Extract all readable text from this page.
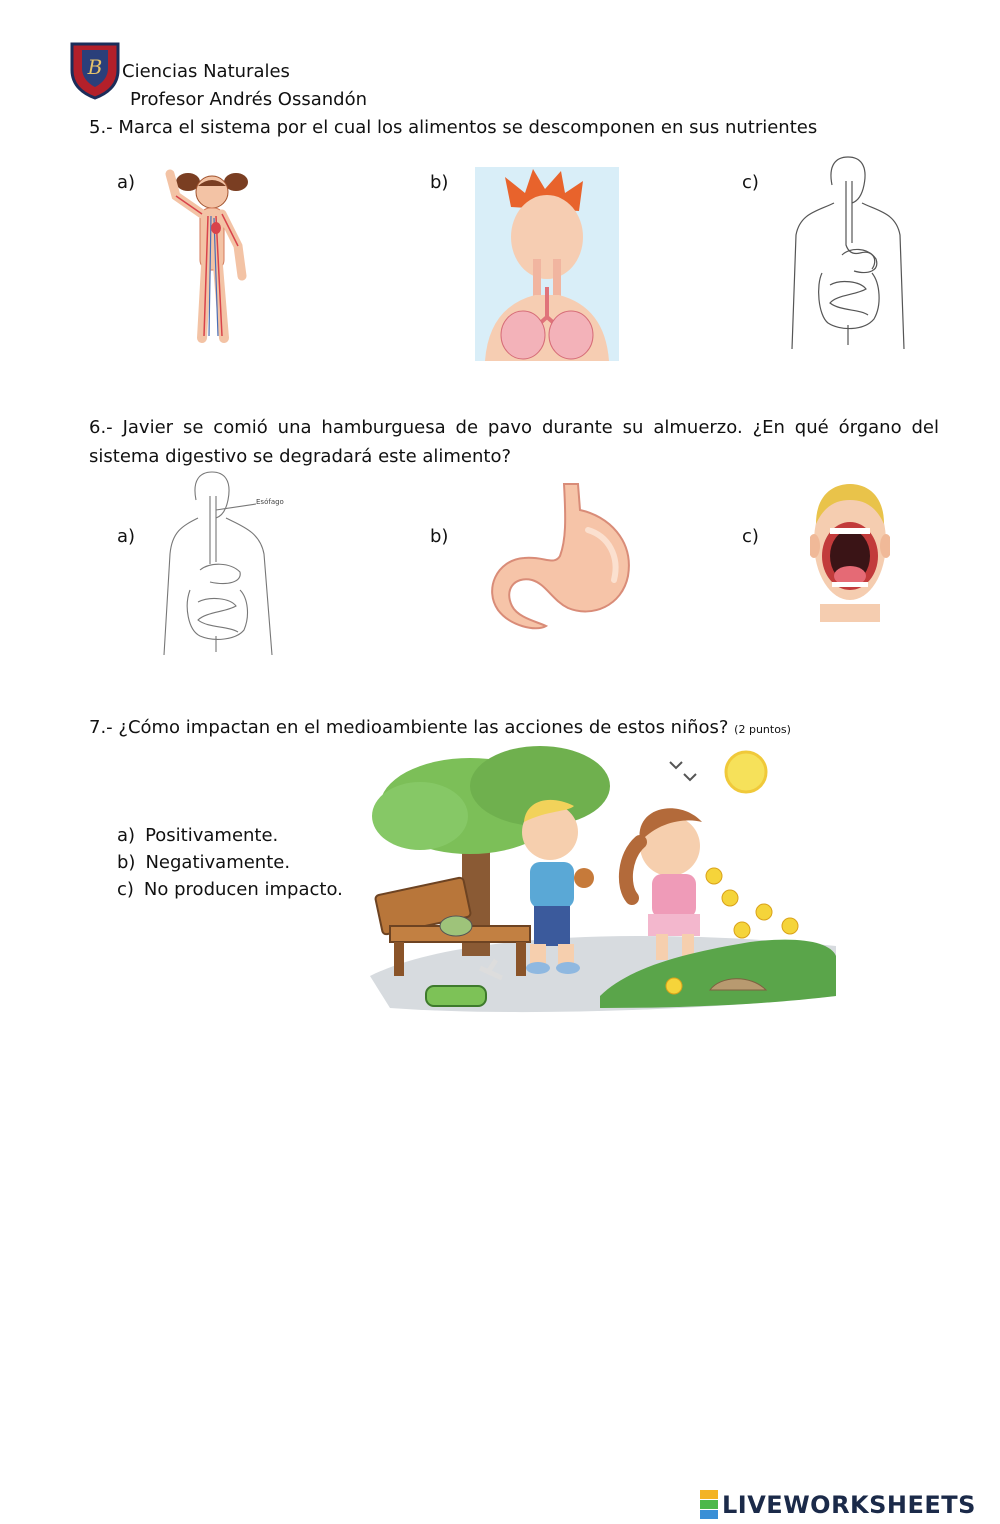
B Ciencias Naturales
Profesor Andrés Ossandón
5.- Marca el sistema por el cual los alimentos se descomponen en sus nutrientes
a)	b)	c)
6.- Javier se comió una hamburguesa de pavo durante su almuerzo. ¿En qué órgano del sistema digestivo se degradará este alimento?
a)
Esófago
b)	c)
7.- ¿Cómo impactan en el medioambiente las acciones de estos niños? (2 puntos)
a) Positivamente.
b) Negativamente.
c) No producen impacto.
LIVEWORKSHEETS
